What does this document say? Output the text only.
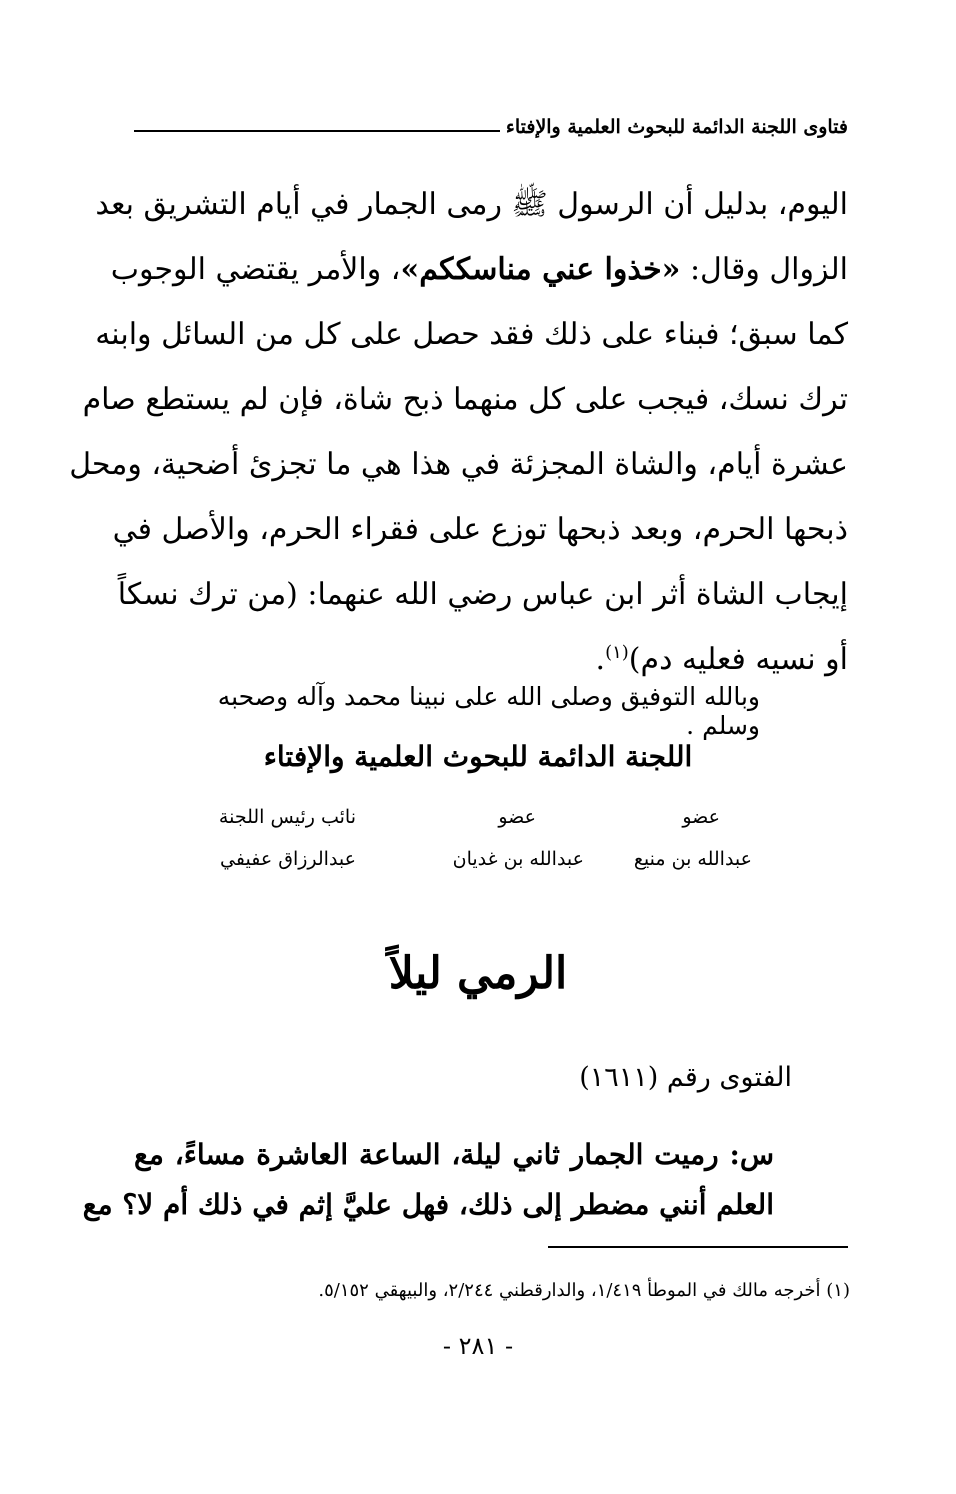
فتاوى اللجنة الدائمة للبحوث العلمية والإفتاء
اليوم، بدليل أن الرسول ﷺ رمى الجمار في أيام التشريق بعد
الزوال وقال: «خذوا عني مناسككم»، والأمر يقتضي الوجوب
كما سبق؛ فبناء على ذلك فقد حصل على كل من السائل وابنه
ترك نسك، فيجب على كل منهما ذبح شاة، فإن لم يستطع صام
عشرة أيام، والشاة المجزئة في هذا هي ما تجزئ أضحية، ومحل
ذبحها الحرم، وبعد ذبحها توزع على فقراء الحرم، والأصل في
إيجاب الشاة أثر ابن عباس رضي الله عنهما: (من ترك نسكاً
أو نسيه فعليه دم)$^{(١)}$.
وبالله التوفيق وصلى الله على نبينا محمد وآله وصحبه وسلم .
اللجنة الدائمة للبحوث العلمية والإفتاء
عضو
عضو
نائب رئيس اللجنة
عبدالله بن منيع
عبدالله بن غديان
عبدالرزاق عفيفي
الرمي ليلاً
الفتوى رقم (١٦١١)
س: رميت الجمار ثاني ليلة، الساعة العاشرة مساءً، مع
العلم أنني مضطر إلى ذلك، فهل عليَّ إثم في ذلك أم لا؟ مع
(١) أخرجه مالك في الموطأ ١/٤١٩، والدارقطني ٢/٢٤٤، والبيهقي ٥/١٥٢.
- ٢٨١ -
